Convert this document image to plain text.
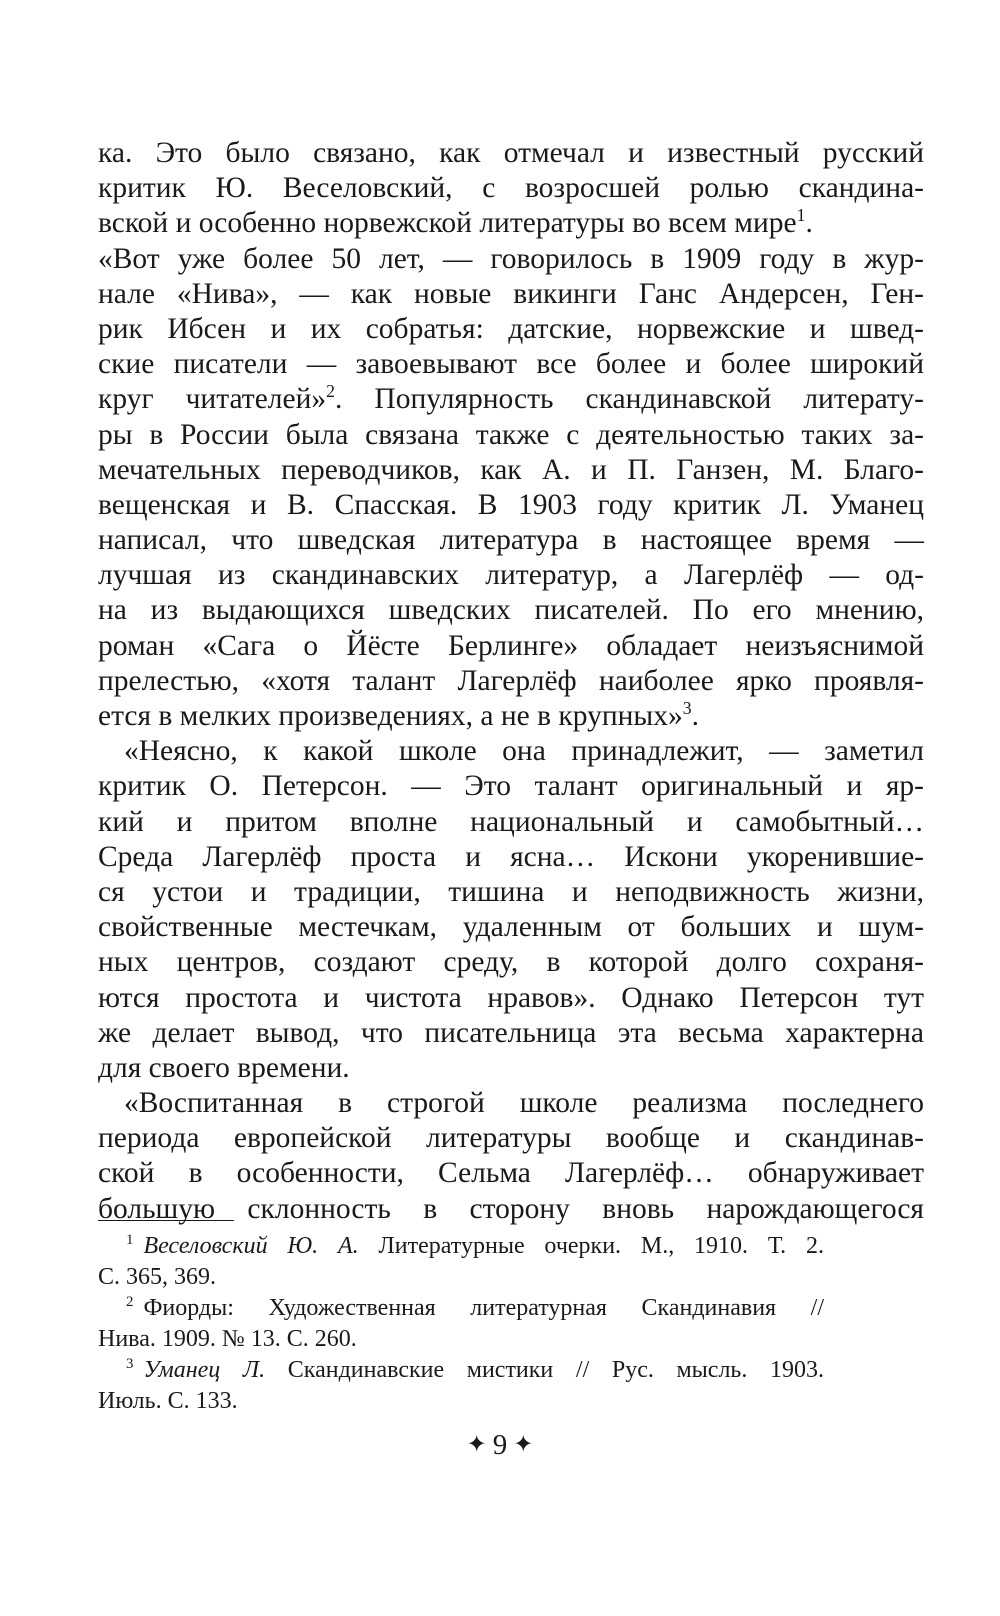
ка. Это было связано, как отмечал и известный русский
критик Ю. Веселовский, с возросшей ролью скандина-
вской и особенно норвежской литературы во всем мире$^1$.
«Вот уже более 50 лет, — говорилось в 1909 году в жур-
нале «Нива», — как новые викинги Ганс Андерсен, Ген-
рик Ибсен и их собратья: датские, норвежские и швед-
ские писатели — завоевывают все более и более широкий
круг читателей»$^2$. Популярность скандинавской литерату-
ры в России была связана также с деятельностью таких за-
мечательных переводчиков, как А. и П. Ганзен, М. Благо-
вещенская и В. Спасская. В 1903 году критик Л. Уманец
написал, что шведская литература в настоящее время —
лучшая из скандинавских литератур, а Лагерлёф — од-
на из выдающихся шведских писателей. По его мнению,
роман «Сага о Йёсте Берлинге» обладает неизъяснимой
прелестью, «хотя талант Лагерлёф наиболее ярко проявля-
ется в мелких произведениях, а не в крупных»$^3$.
«Неясно, к какой школе она принадлежит, — заметил
критик О. Петерсон. — Это талант оригинальный и яр-
кий и притом вполне национальный и самобытный…
Среда Лагерлёф проста и ясна… Искони укоренившие-
ся устои и традиции, тишина и неподвижность жизни,
свойственные местечкам, удаленным от больших и шум-
ных центров, создают среду, в которой долго сохраня-
ются простота и чистота нравов». Однако Петерсон тут
же делает вывод, что писательница эта весьма характерна
для своего времени.
«Воспитанная в строгой школе реализма последнего
периода европейской литературы вообще и скандинав-
ской в особенности, Сельма Лагерлёф… обнаруживает
большую склонность в сторону вновь нарождающегося
$^1$ Веселовский Ю. А. Литературные очерки. М., 1910. Т. 2.
С. 365, 369.
$^2$ Фиорды: Художественная литературная Скандинавия //
Нива. 1909. № 13. С. 260.
$^3$ Уманец Л. Скандинавские мистики // Рус. мысль. 1903.
Июль. С. 133.
✦ 9 ✦
